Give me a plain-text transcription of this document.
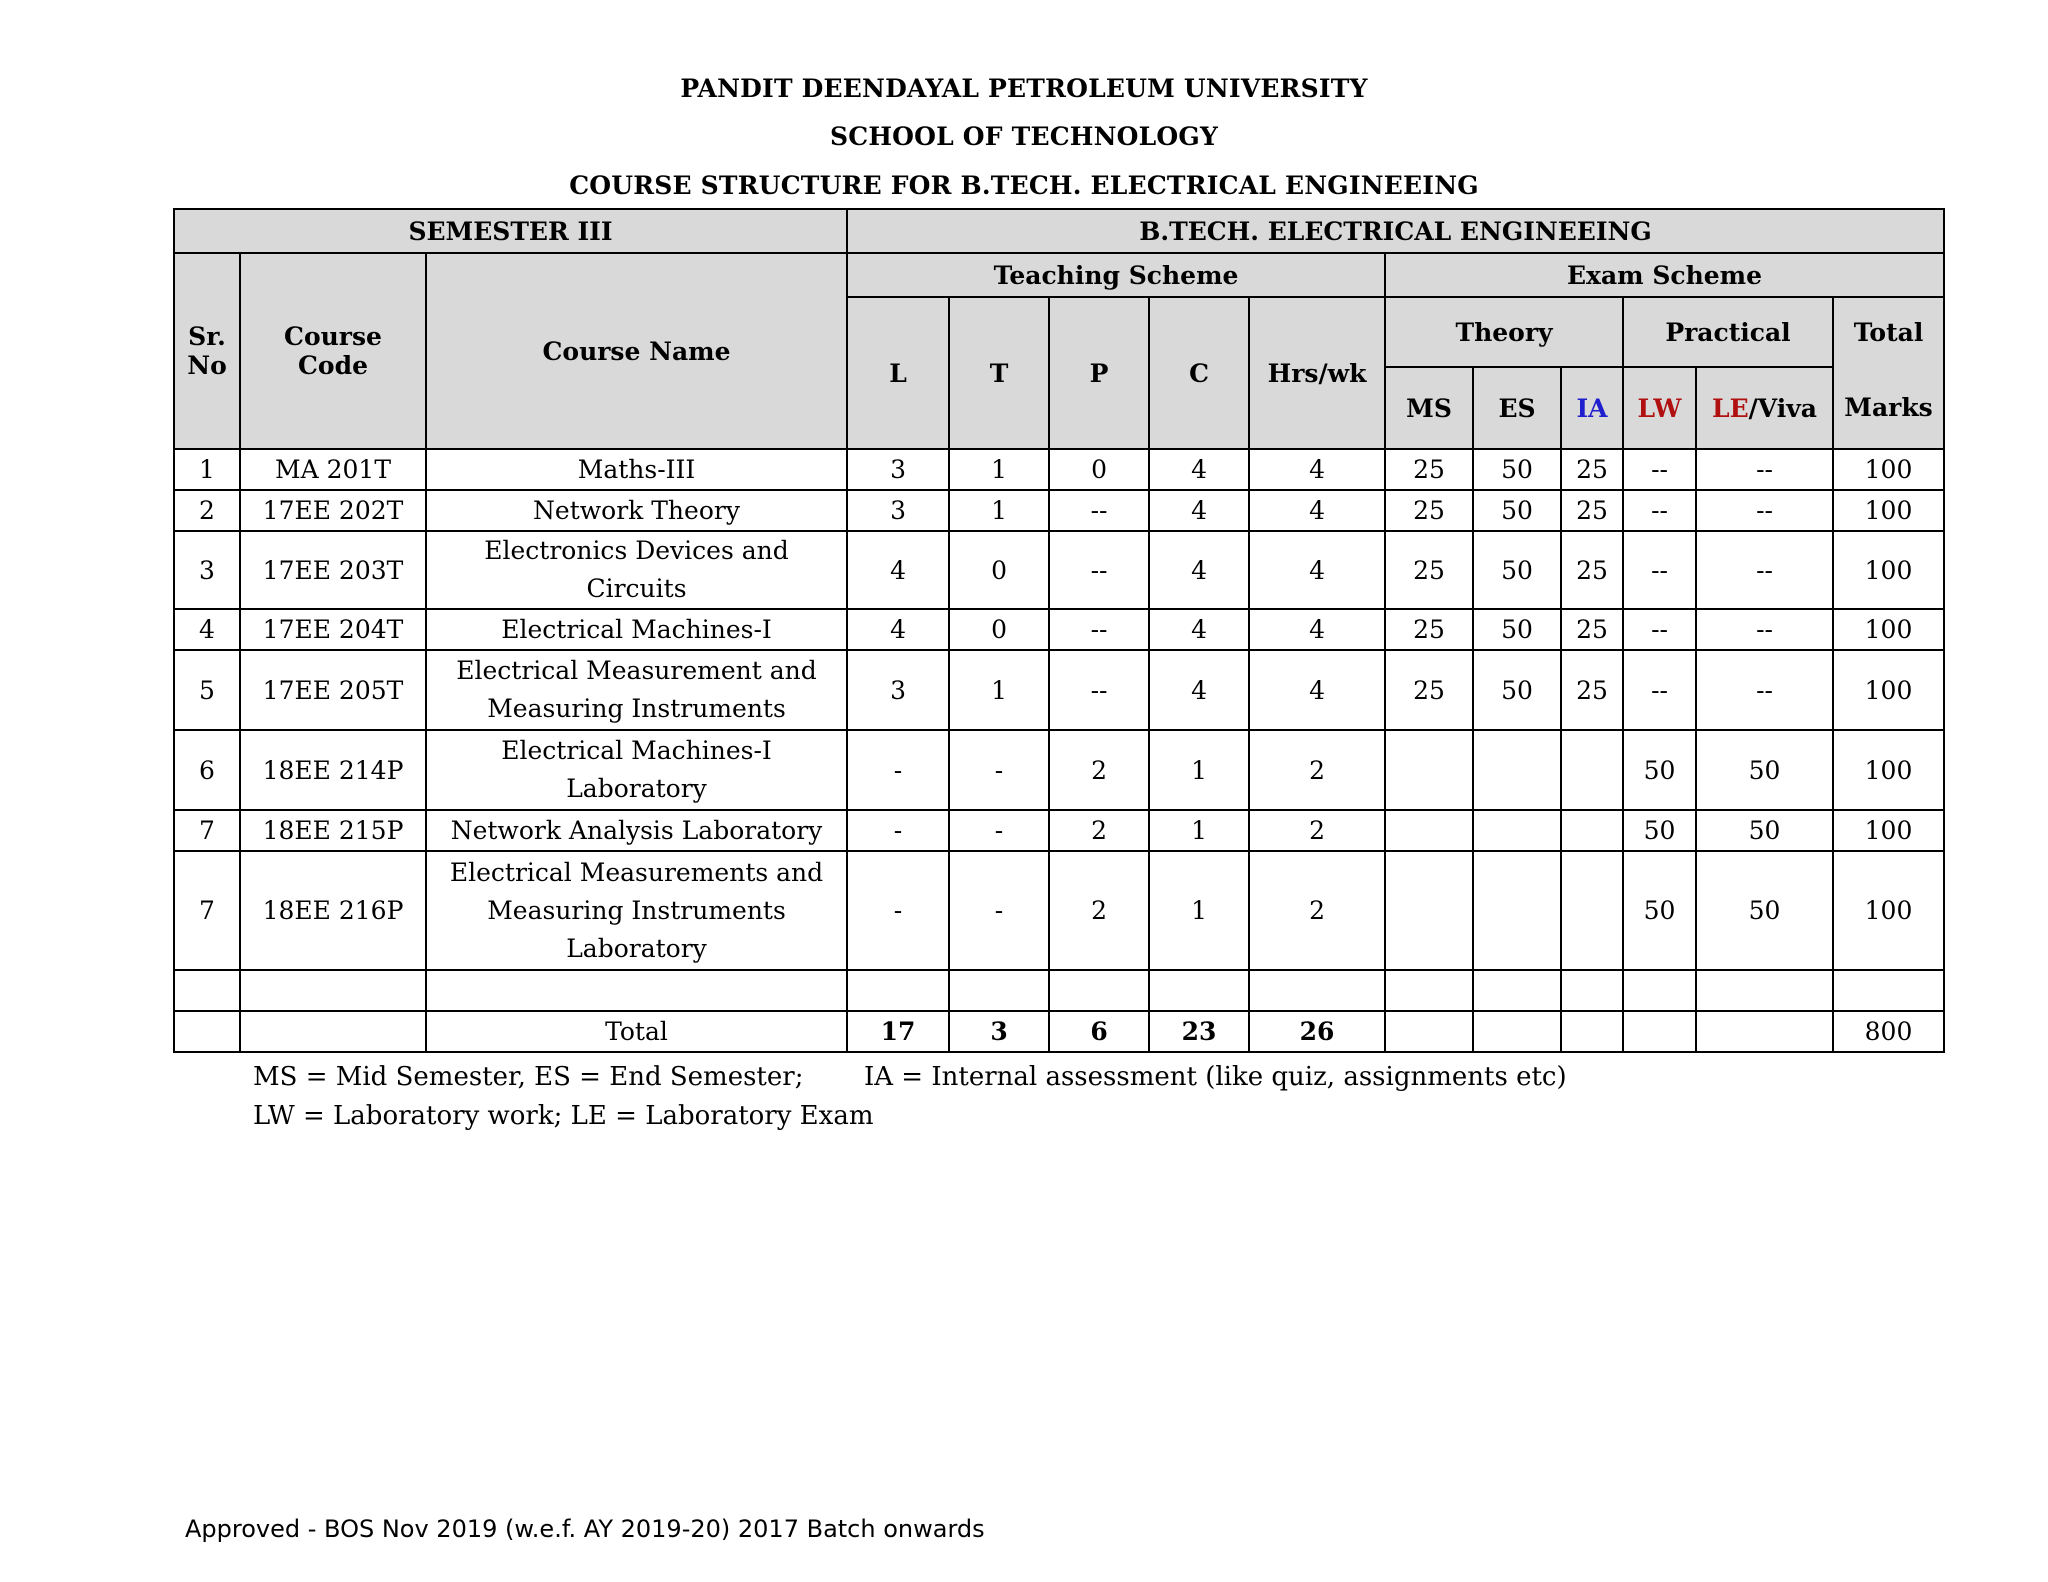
PANDIT DEENDAYAL PETROLEUM UNIVERSITY
SCHOOL OF TECHNOLOGY
COURSE STRUCTURE FOR B.TECH. ELECTRICAL ENGINEEING
SEMESTER III			B.TECH. ELECTRICAL ENGINEEING										
Sr. No	Course Code	Course Name	Teaching Scheme					Exam Scheme					
			L	T	P	C	Hrs/wk	Theory			Practical		Total
								MS	ES	IA	LW	LE/Viva	Marks
1	MA 201T	Maths-III	3	1	0	4	4	25	50	25	--	--	100
2	17EE 202T	Network Theory	3	1	--	4	4	25	50	25	--	--	100
3	17EE 203T	Electronics Devices and Circuits	4	0	--	4	4	25	50	25	--	--	100
4	17EE 204T	Electrical Machines-I	4	0	--	4	4	25	50	25	--	--	100
5	17EE 205T	Electrical Measurement and Measuring Instruments	3	1	--	4	4	25	50	25	--	--	100
6	18EE 214P	Electrical Machines-I Laboratory	-	-	2	1	2				50	50	100
7	18EE 215P	Network Analysis Laboratory	-	-	2	1	2				50	50	100
7	18EE 216P	Electrical Measurements and Measuring Instruments Laboratory	-	-	2	1	2				50	50	100

		Total	17	3	6	23	26						800
MS = Mid Semester, ES = End Semester; IA = Internal assessment (like quiz, assignments etc)
LW = Laboratory work; LE = Laboratory Exam
Approved - BOS Nov 2019 (w.e.f. AY 2019-20) 2017 Batch onwards
